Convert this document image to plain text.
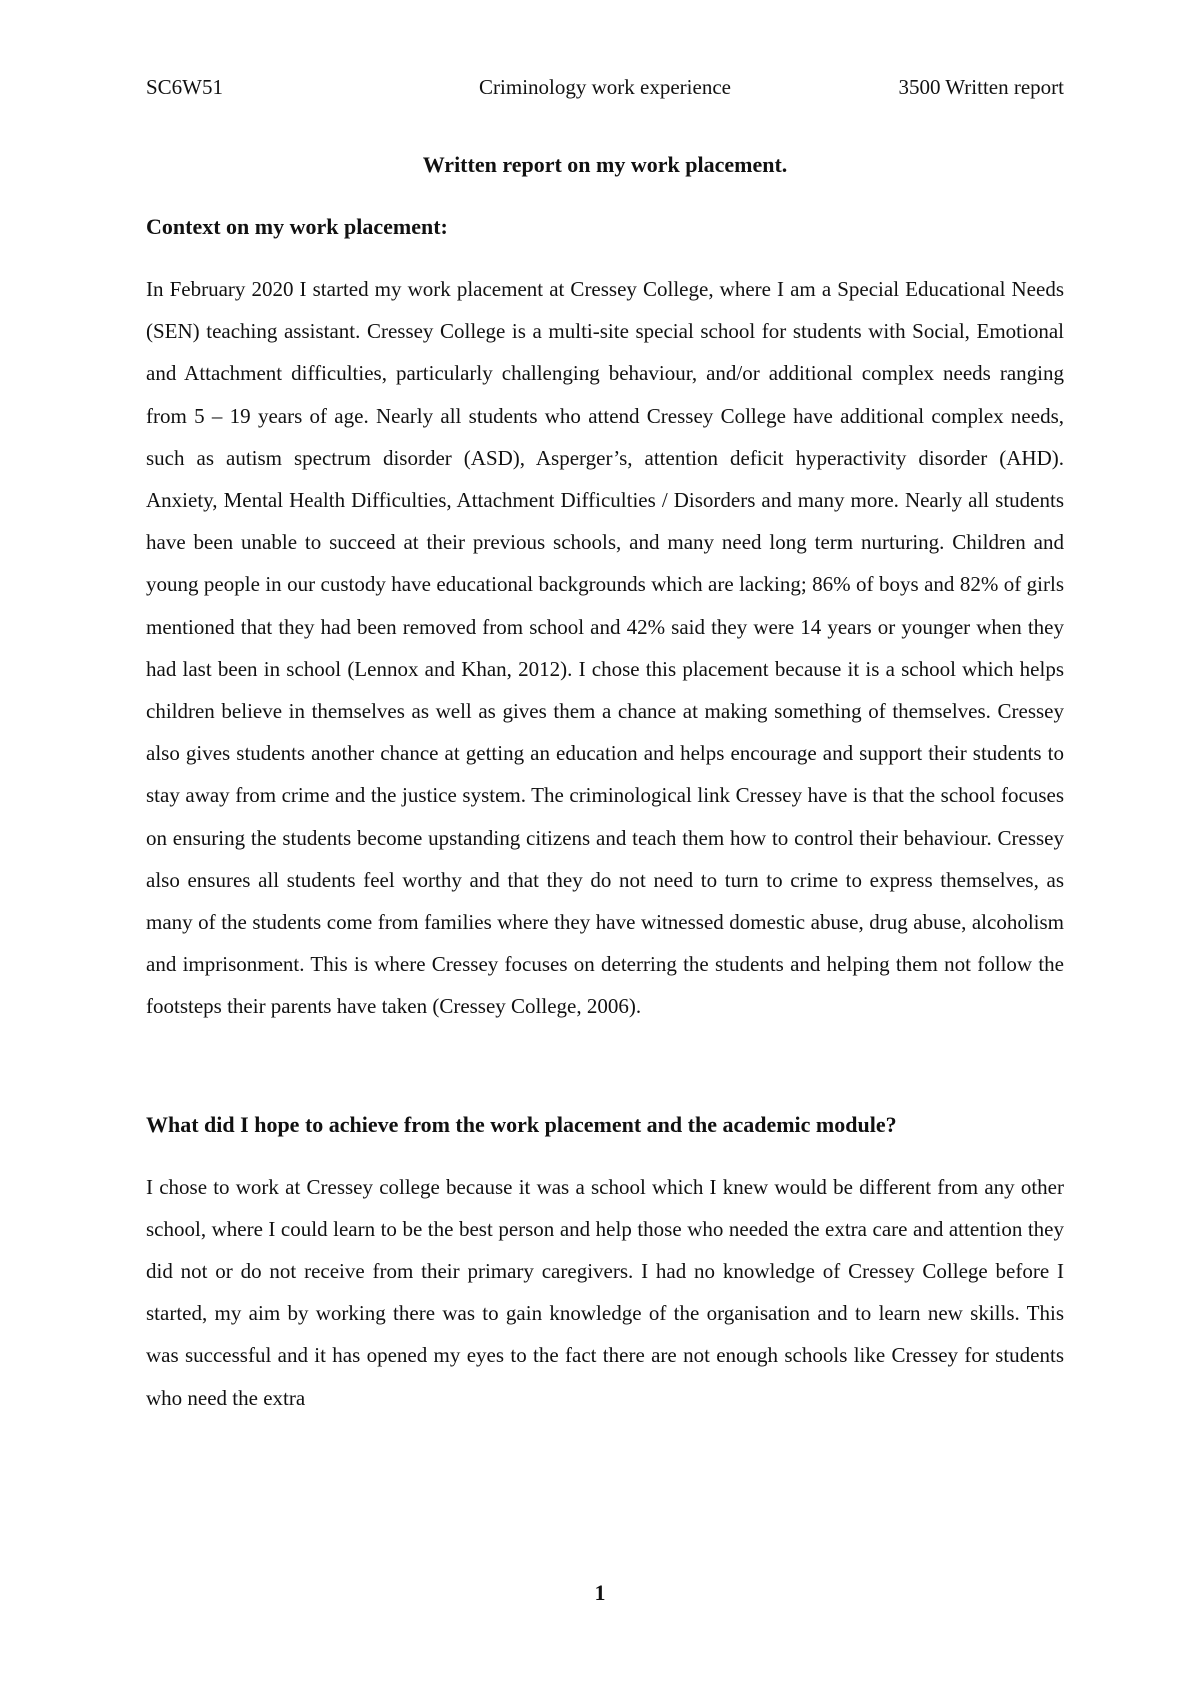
SC6W51	Criminology work experience	3500 Written report

Written report on my work placement.

Context on my work placement:

In February 2020 I started my work placement at Cressey College, where I am a Special Educational Needs (SEN) teaching assistant. Cressey College is a multi-site special school for students with Social, Emotional and Attachment difficulties, particularly challenging behaviour, and/or additional complex needs ranging from 5 – 19 years of age. Nearly all students who attend Cressey College have additional complex needs, such as autism spectrum disorder (ASD), Asperger’s, attention deficit hyperactivity disorder (AHD). Anxiety, Mental Health Difficulties, Attachment Difficulties / Disorders and many more. Nearly all students have been unable to succeed at their previous schools, and many need long term nurturing. Children and young people in our custody have educational backgrounds which are lacking; 86% of boys and 82% of girls mentioned that they had been removed from school and 42% said they were 14 years or younger when they had last been in school (Lennox and Khan, 2012). I chose this placement because it is a school which helps children believe in themselves as well as gives them a chance at making something of themselves. Cressey also gives students another chance at getting an education and helps encourage and support their students to stay away from crime and the justice system. The criminological link Cressey have is that the school focuses on ensuring the students become upstanding citizens and teach them how to control their behaviour. Cressey also ensures all students feel worthy and that they do not need to turn to crime to express themselves, as many of the students come from families where they have witnessed domestic abuse, drug abuse, alcoholism and imprisonment. This is where Cressey focuses on deterring the students and helping them not follow the footsteps their parents have taken (Cressey College, 2006).

What did I hope to achieve from the work placement and the academic module?

I chose to work at Cressey college because it was a school which I knew would be different from any other school, where I could learn to be the best person and help those who needed the extra care and attention they did not or do not receive from their primary caregivers. I had no knowledge of Cressey College before I started, my aim by working there was to gain knowledge of the organisation and to learn new skills. This was successful and it has opened my eyes to the fact there are not enough schools like Cressey for students who need the extra

1
